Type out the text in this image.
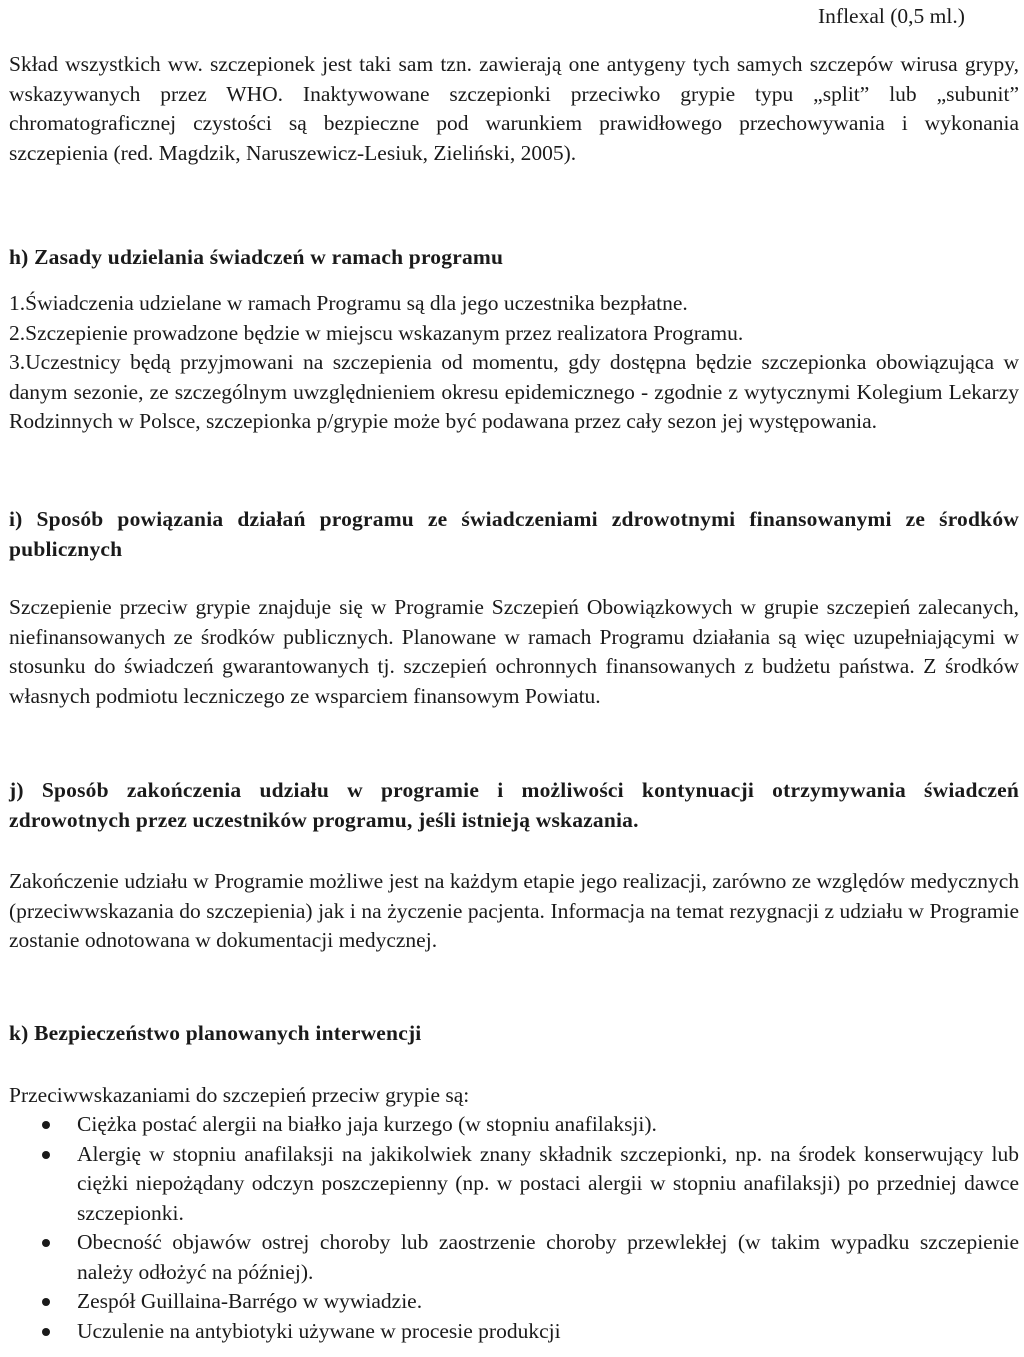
Inflexal (0,5 ml.)

Skład wszystkich ww. szczepionek jest taki sam tzn. zawierają one antygeny tych samych szczepów wirusa grypy, wskazywanych przez WHO. Inaktywowane szczepionki przeciwko grypie typu „split” lub „subunit” chromatograficznej czystości są bezpieczne pod warunkiem prawidłowego przechowywania i wykonania szczepienia (red. Magdzik, Naruszewicz-Lesiuk, Zieliński, 2005).

h) Zasady udzielania świadczeń w ramach programu
1.Świadczenia udzielane w ramach Programu są dla jego uczestnika bezpłatne.
2.Szczepienie prowadzone będzie w miejscu wskazanym przez realizatora Programu.
3.Uczestnicy będą przyjmowani na szczepienia od momentu, gdy dostępna będzie szczepionka obowiązująca w danym sezonie, ze szczególnym uwzględnieniem okresu epidemicznego - zgodnie z wytycznymi Kolegium Lekarzy Rodzinnych w Polsce, szczepionka p/grypie może być podawana przez cały sezon jej występowania.
i) Sposób powiązania działań programu ze świadczeniami zdrowotnymi finansowanymi ze środków publicznych

Szczepienie przeciw grypie znajduje się w Programie Szczepień Obowiązkowych w grupie szczepień zalecanych, niefinansowanych ze środków publicznych. Planowane w ramach Programu działania są więc uzupełniającymi w stosunku do świadczeń gwarantowanych tj. szczepień ochronnych finansowanych z budżetu państwa. Z środków własnych podmiotu leczniczego ze wsparciem finansowym Powiatu.

j) Sposób zakończenia udziału w programie i możliwości kontynuacji otrzymywania świadczeń zdrowotnych przez uczestników programu, jeśli istnieją wskazania.

Zakończenie udziału w Programie możliwe jest na każdym etapie jego realizacji, zarówno ze względów medycznych (przeciwwskazania do szczepienia) jak i na życzenie pacjenta. Informacja na temat rezygnacji z udziału w Programie zostanie odnotowana w dokumentacji medycznej.

k) Bezpieczeństwo planowanych interwencji
Przeciwwskazaniami do szczepień przeciw grypie są:
Ciężka postać alergii na białko jaja kurzego (w stopniu anafilaksji).
Alergię w stopniu anafilaksji na jakikolwiek znany składnik szczepionki, np. na środek konserwujący lub ciężki niepożądany odczyn poszczepienny (np. w postaci alergii w stopniu anafilaksji) po przedniej dawce szczepionki.
Obecność objawów ostrej choroby lub zaostrzenie choroby przewlekłej (w takim wypadku szczepienie należy odłożyć na później).
Zespół Guillaina-Barrégo w wywiadzie.
Uczulenie na antybiotyki używane w procesie produkcji
